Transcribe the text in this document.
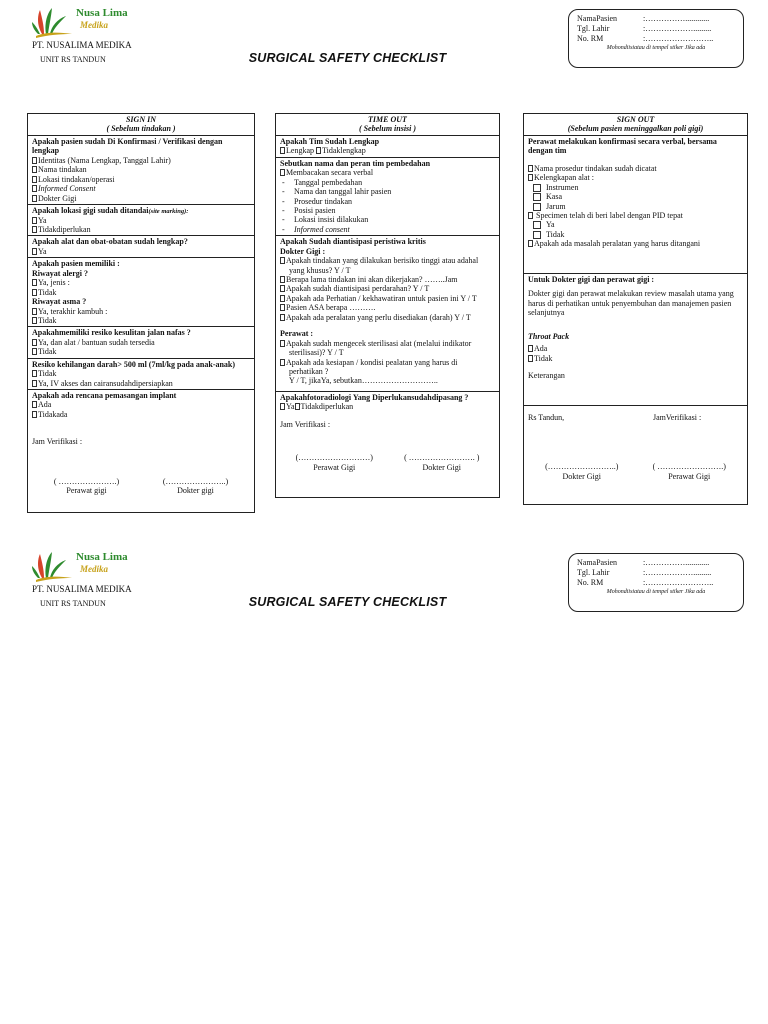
Nusa Lima
Medika
PT. NUSALIMA MEDIKA
UNIT RS TANDUN	SURGICAL SAFETY CHECKLIST
NamaPasien	:……………............
Tgl. Lahir	:……………….........
No. RM	:……………………..
Mohondiisiatau di tempel stiker Jika ada
SIGN IN
( Sebelum tindakan )
Apakah pasien sudah Di Konfirmasi / Verifikasi dengan lengkap
Identitas (Nama Lengkap, Tanggal Lahir)
Nama tindakan
Lokasi tindakan/operasi
Informed Consent
Dokter Gigi
Apakah lokasi gigi sudah ditandai(site marking):
Ya
Tidakdiperlukan
Apakah alat dan obat-obatan sudah lengkap?
Ya
Apakah pasien memiliki :
Riwayat alergi ?
Ya, jenis :
Tidak
Riwayat asma ?
Ya, terakhir kambuh :
Tidak
Apakahmemiliki resiko kesulitan jalan nafas ?
Ya, dan alat / bantuan sudah tersedia
Tidak
Resiko kehilangan darah> 500 ml (7ml/kg pada anak-anak)
Tidak
Ya, IV akses dan cairansudahdipersiapkan
Apakah ada rencana pemasangan implant
Ada
Tidakada
Jam Verifikasi :
( ………………….)
Perawat gigi
(…………………..)
Dokter gigi
TIME OUT
( Sebelum insisi )
Apakah Tim Sudah Lengkap
Lengkap Tidaklengkap
Sebutkan nama dan peran tim pembedahan
Membacakan secara verbal
- Tanggal pembedahan
- Nama dan tanggal lahir pasien
- Prosedur tindakan
- Posisi pasien
- Lokasi insisi dilakukan
- Informed consent
Apakah Sudah diantisipasi peristiwa kritis
Dokter Gigi :
Apakah tindakan yang dilakukan berisiko tinggi atau adahal
yang khusus? Y / T
Berapa lama tindakan ini akan dikerjakan? ……..Jam
Apakah sudah diantisipasi perdarahan? Y / T
Apakah ada Perhatian / kekhawatiran untuk pasien ini Y / T
Pasien ASA berapa ……….
Apakah ada peralatan yang perlu disediakan (darah) Y / T
Perawat :
Apakah sudah mengecek sterilisasi alat (melalui indikator
sterilisasi)? Y / T
Apakah ada kesiapan / kondisi pealatan yang harus di
perhatikan ?
Y / T, jikaYa, sebutkan………………………..
Apakahfotoradiologi Yang Diperlukansudahdipasang ?
Ya Tidakdiperlukan
Jam Verifikasi :
(………………………)
Perawat Gigi
( ……………………. )
Dokter Gigi
SIGN OUT
(Sebelum pasien meninggalkan poli gigi)
Perawat melakukan konfirmasi secara verbal, bersama dengan tim
Nama prosedur tindakan sudah dicatat
Kelengkapan alat :
Instrumen
Kasa
Jarum
Specimen telah di beri label dengan PID tepat
Ya
Tidak
Apakah ada masalah peralatan yang harus ditangani
Untuk Dokter gigi dan perawat gigi :
Dokter gigi dan perawat melakukan review masalah utama yang harus di perhatikan untuk penyembuhan dan manajemen pasien selanjutnya
Throat Pack
Ada
Tidak
Keterangan
Rs Tandun,	JamVerifikasi :
(……………………..)
Dokter Gigi
( …………………….)
Perawat Gigi
Nusa Lima
Medika
PT. NUSALIMA MEDIKA
UNIT RS TANDUN	SURGICAL SAFETY CHECKLIST
NamaPasien	:……………............
Tgl. Lahir	:……………….........
No. RM	:……………………..
Mohondiisiatau di tempel stiker Jika ada
